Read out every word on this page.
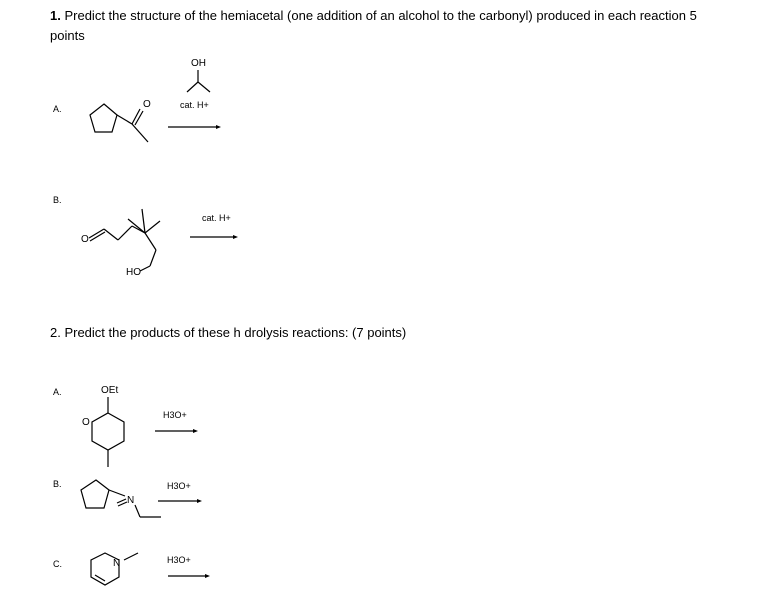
1. Predict the structure of the hemiacetal (one addition of an alcohol to the carbonyl) produced in each reaction 5 points
A.
B.
cat. H+
cat. H+
2. Predict the products of these h drolysis reactions: (7 points)
A.
B.
C.
H3O+
H3O+
H3O+
O
OH
O
HO
OEt
O
N
N
